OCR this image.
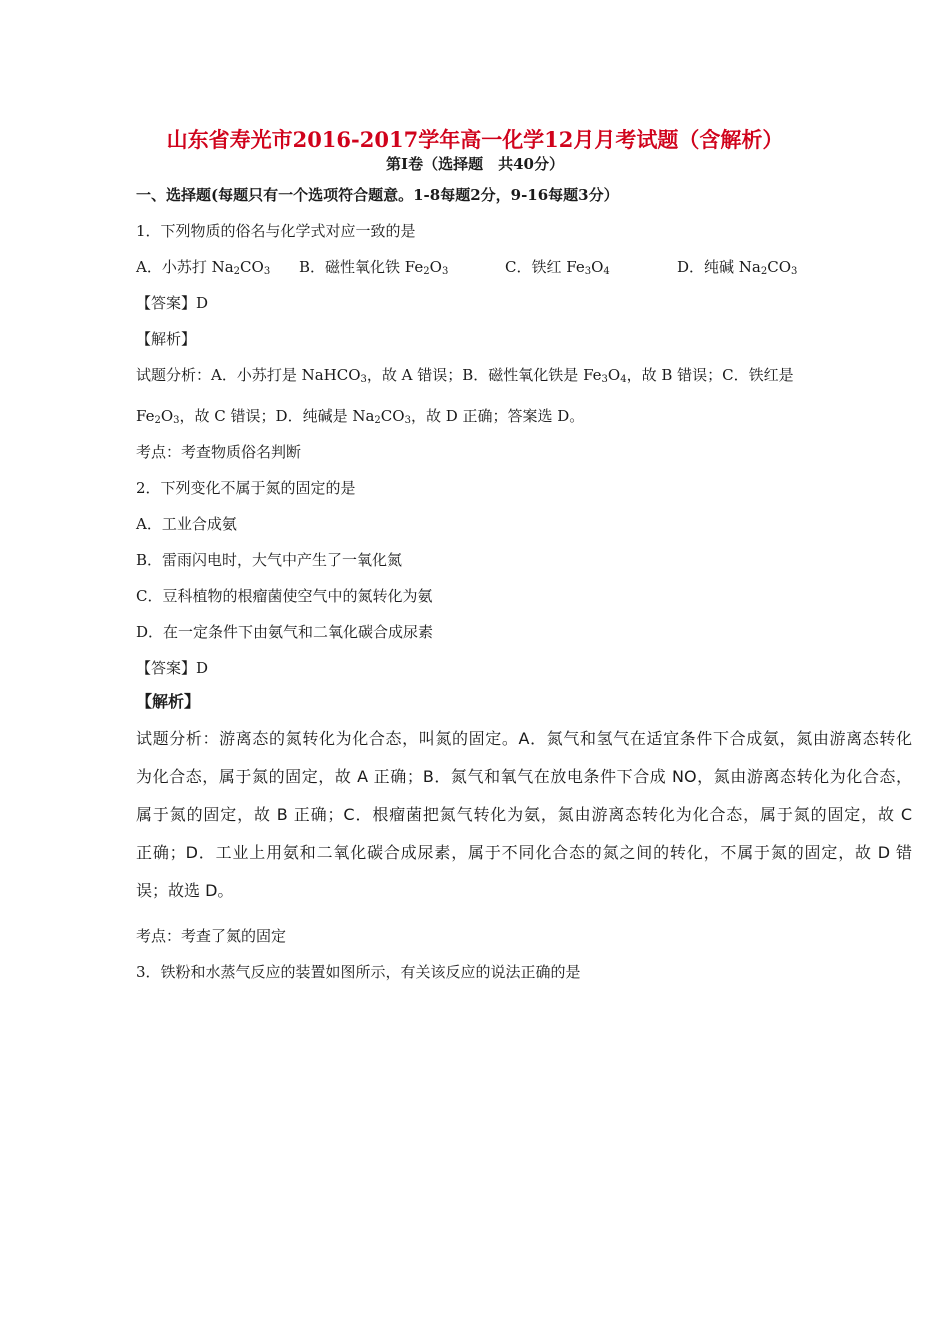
山东省寿光市2016-2017学年高一化学12月月考试题（含解析）
第Ⅰ卷（选择题　共40分）
一、选择题(每题只有一个选项符合题意。1-8每题2分，9-16每题3分）
1．下列物质的俗名与化学式对应一致的是
A．小苏打 $Na_2CO_3$ B．磁性氧化铁 $Fe_2O_3$	C．铁红 $Fe_3O_4$	D．纯碱 $Na_2CO_3$
【答案】D
【解析】
试题分析：A．小苏打是 NaHCO$_3$，故 A 错误；B．磁性氧化铁是 $Fe_3O_4$，故 B 错误；C．铁红是
$Fe_2O_3$，故 C 错误；D．纯碱是 $Na_2CO_3$，故 D 正确；答案选 D。
考点：考查物质俗名判断
2．下列变化不属于氮的固定的是
A．工业合成氨
B．雷雨闪电时，大气中产生了一氧化氮
C．豆科植物的根瘤菌使空气中的氮转化为氨
D．在一定条件下由氨气和二氧化碳合成尿素
【答案】D
【解析】
试题分析：游离态的氮转化为化合态，叫氮的固定。A．氮气和氢气在适宜条件下合成氨，氮由游离态转化
为化合态，属于氮的固定，故 A 正确；B．氮气和氧气在放电条件下合成 NO，氮由游离态转化为化合态，
属于氮的固定，故 B 正确；C．根瘤菌把氮气转化为氨，氮由游离态转化为化合态，属于氮的固定，故 C
正确；D．工业上用氨和二氧化碳合成尿素，属于不同化合态的氮之间的转化，不属于氮的固定，故 D 错
误；故选 D。
考点：考查了氮的固定
3．铁粉和水蒸气反应的装置如图所示，有关该反应的说法正确的是
